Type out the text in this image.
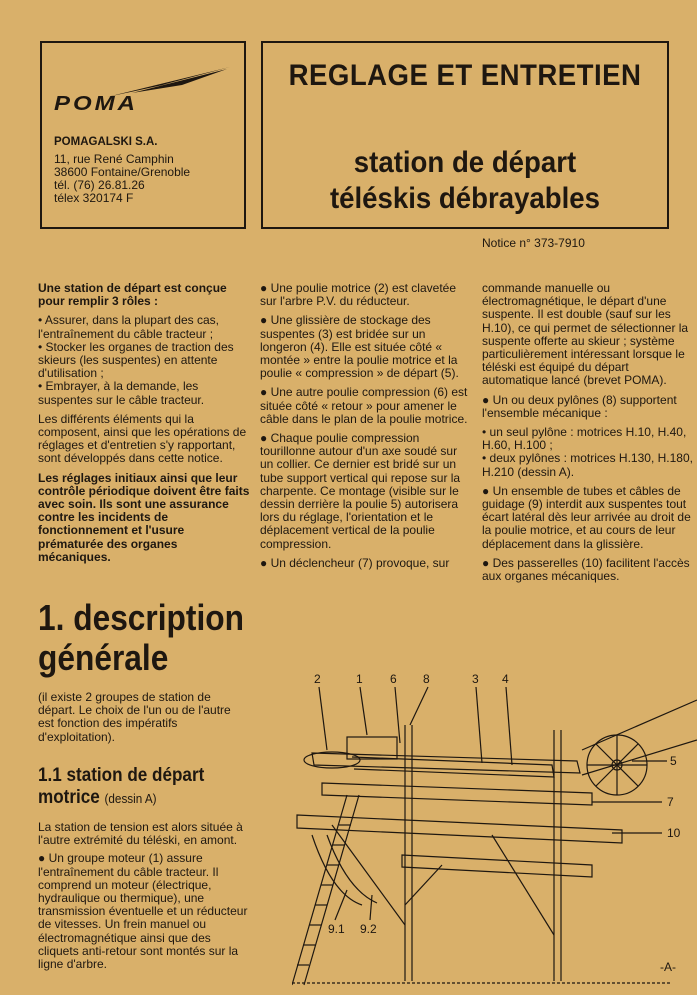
POMA
POMAGALSKI S.A.
11, rue René Camphin
38600 Fontaine/Grenoble
tél. (76) 26.81.26
télex 320174 F
REGLAGE ET ENTRETIEN
station de départ
téléskis débrayables
Notice n° 373-7910

Une station de départ est conçue pour remplir 3 rôles :

• Assurer, dans la plupart des cas, l'entraînement du câble tracteur ;

• Stocker les organes de traction des skieurs (les suspentes) en attente d'utilisation ;

• Embrayer, à la demande, les suspentes sur le câble tracteur.

Les différents éléments qui la composent, ainsi que les opérations de réglages et d'entretien s'y rapportant, sont développés dans cette notice.

Les réglages initiaux ainsi que leur contrôle périodique doivent être faits avec soin. Ils sont une assurance contre les incidents de fonctionnement et l'usure prématurée des organes mécaniques.

1. description
générale
(il existe 2 groupes de station de départ. Le choix de l'un ou de l'autre est fonction des impératifs d'exploitation).
1.1 station de départ
motrice (dessin A)

La station de tension est alors située à l'autre extrémité du téléski, en amont.

● Un groupe moteur (1) assure l'entraînement du câble tracteur. Il comprend un moteur (électrique, hydraulique ou thermique), une transmission éventuelle et un réducteur de vitesses. Un frein manuel ou électromagnétique ainsi que des cliquets anti-retour sont montés sur la ligne d'arbre.

● Une poulie motrice (2) est clavetée sur l'arbre P.V. du réducteur.

● Une glissière de stockage des suspentes (3) est bridée sur un longeron (4). Elle est située côté « montée » entre la poulie motrice et la poulie « compression » de départ (5).

● Une autre poulie compression (6) est située côté « retour » pour amener le câble dans le plan de la poulie motrice.

● Chaque poulie compression tourillonne autour d'un axe soudé sur un collier. Ce dernier est bridé sur un tube support vertical qui repose sur la charpente. Ce montage (visible sur le dessin derrière la poulie 5) autorisera lors du réglage, l'orientation et le déplacement vertical de la poulie compression.

● Un déclencheur (7) provoque, sur

commande manuelle ou électromagnétique, le départ d'une suspente. Il est double (sauf sur les H.10), ce qui permet de sélectionner la suspente offerte au skieur ; système particulièrement intéressant lorsque le téléski est équipé du départ automatique lancé (brevet POMA).

● Un ou deux pylônes (8) supportent l'ensemble mécanique :

• un seul pylône : motrices H.10, H.40, H.60, H.100 ;

• deux pylônes : motrices H.130, H.180, H.210 (dessin A).

● Un ensemble de tubes et câbles de guidage (9) interdit aux suspentes tout écart latéral dès leur arrivée au droit de la poulie motrice, et au cours de leur déplacement dans la glissière.

● Des passerelles (10) facilitent l'accès aux organes mécaniques.

2	1 6 8	3 4
5
7
10
9.1 9.2
-A-
